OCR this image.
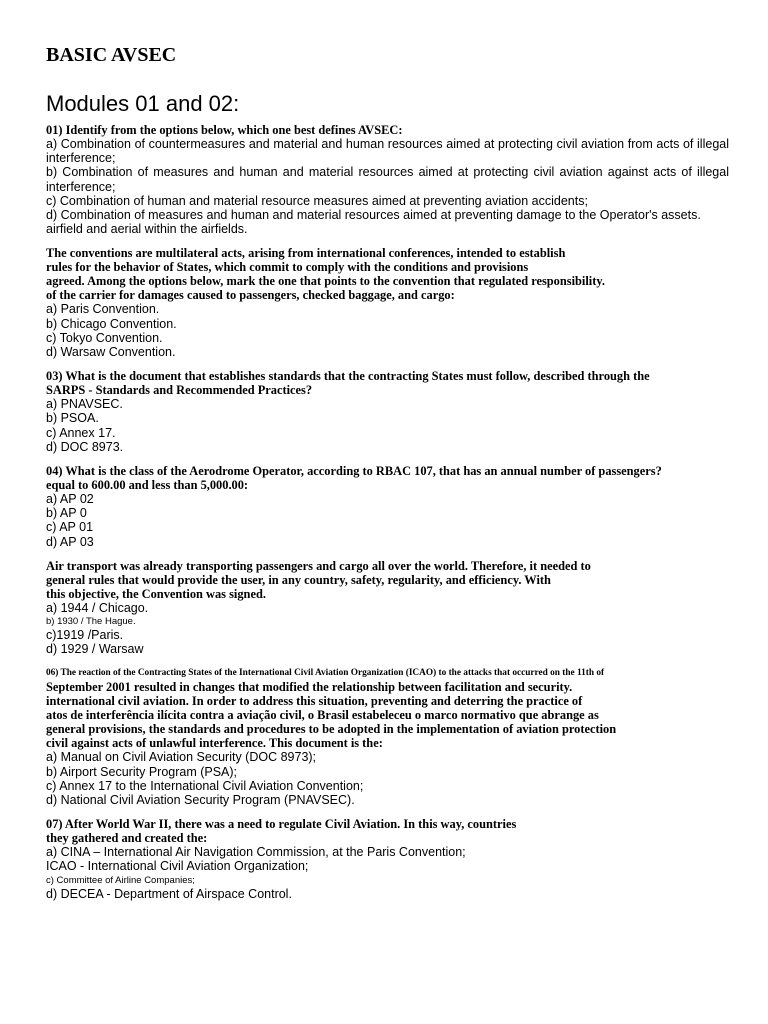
BASIC AVSEC
Modules 01 and 02:
01) Identify from the options below, which one best defines AVSEC:
a) Combination of countermeasures and material and human resources aimed at protecting civil aviation from acts of illegal interference;
b) Combination of measures and human and material resources aimed at protecting civil aviation against acts of illegal interference;
c) Combination of human and material resource measures aimed at preventing aviation accidents;
d) Combination of measures and human and material resources aimed at preventing damage to the Operator's assets.
airfield and aerial within the airfields.
The conventions are multilateral acts, arising from international conferences, intended to establish
rules for the behavior of States, which commit to comply with the conditions and provisions
agreed. Among the options below, mark the one that points to the convention that regulated responsibility.
of the carrier for damages caused to passengers, checked baggage, and cargo:
a) Paris Convention.
b) Chicago Convention.
c) Tokyo Convention.
d) Warsaw Convention.
03) What is the document that establishes standards that the contracting States must follow, described through the
SARPS - Standards and Recommended Practices?
a) PNAVSEC.
b) PSOA.
c) Annex 17.
d) DOC 8973.
04) What is the class of the Aerodrome Operator, according to RBAC 107, that has an annual number of passengers?
equal to 600.00 and less than 5,000.00:
a) AP 02
b) AP 0
c) AP 01
d) AP 03
Air transport was already transporting passengers and cargo all over the world. Therefore, it needed to
general rules that would provide the user, in any country, safety, regularity, and efficiency. With
this objective, the Convention was signed.
a) 1944 / Chicago.
b) 1930 / The Hague.
c)1919 /Paris.
d) 1929 / Warsaw
06) The reaction of the Contracting States of the International Civil Aviation Organization (ICAO) to the attacks that occurred on the 11th of
September 2001 resulted in changes that modified the relationship between facilitation and security.
international civil aviation. In order to address this situation, preventing and deterring the practice of
atos de interferência ilícita contra a aviação civil, o Brasil estabeleceu o marco normativo que abrange as
general provisions, the standards and procedures to be adopted in the implementation of aviation protection
civil against acts of unlawful interference. This document is the:
a) Manual on Civil Aviation Security (DOC 8973);
b) Airport Security Program (PSA);
c) Annex 17 to the International Civil Aviation Convention;
d) National Civil Aviation Security Program (PNAVSEC).
07) After World War II, there was a need to regulate Civil Aviation. In this way, countries
they gathered and created the:
a) CINA – International Air Navigation Commission, at the Paris Convention;
ICAO - International Civil Aviation Organization;
c) Committee of Airline Companies;
d) DECEA - Department of Airspace Control.
